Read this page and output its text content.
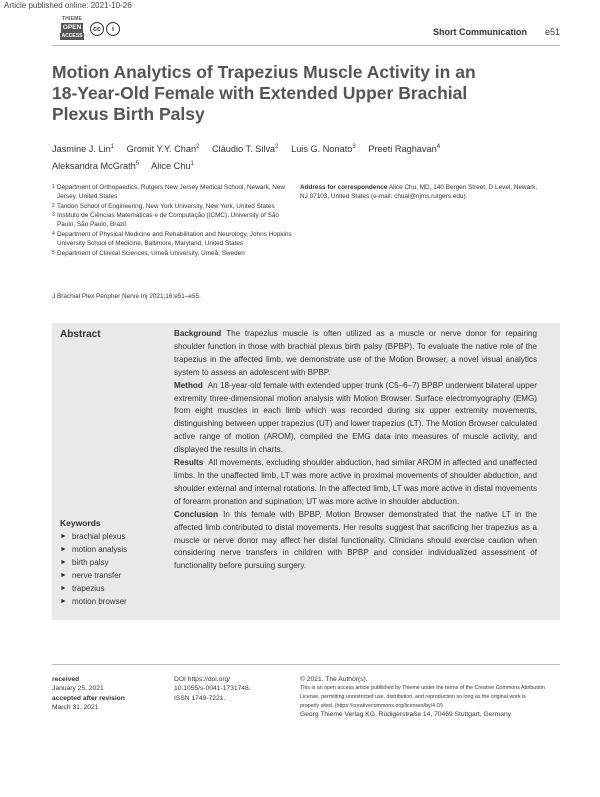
Article published online: 2021-10-26
THIEME
OPEN
ACCESS
cc	i	Short Communication e51
Motion Analytics of Trapezius Muscle Activity in an 18-Year-Old Female with Extended Upper Brachial Plexus Birth Palsy
Jasmine J. Lin$^1$ Gromit Y.Y. Chan$^2$ Cláudio T. Silva$^2$ Luis G. Nonato$^3$ Preeti Raghavan$^4$
Aleksandra McGrath$^5$ Alice Chu$^1$
1 Department of Orthopaedics, Rutgers New Jersey Medical School, Newark, New Jersey, United States
2 Tandon School of Engineering, New York University, New York, United States
3 Instituto de Ciências Matemáticas e de Computação (ICMC), University of São Paulo, São Paulo, Brazil
4 Department of Physical Medicine and Rehabilitation and Neurology, Johns Hopkins University School of Medicine, Baltimore, Maryland, United States
5 Department of Clinical Sciences, Umeå University, Umeå, Sweden
Address for correspondence Alice Chu, MD, 140 Bergen Street, D Level, Newark, NJ 07103, United States (e-mail: chual@njms.rutgers.edu).
J Brachial Plex Peripher Nerve Inj 2021;16:e51–e55.
Abstract	Background The trapezius muscle is often utilized as a muscle or nerve donor for repairing shoulder function in those with brachial plexus birth palsy (BPBP). To evaluate the native role of the trapezius in the affected limb, we demonstrate use of the Motion Browser, a novel visual analytics system to assess an adolescent with BPBP.

Method An 18-year-old female with extended upper trunk (C5–6–7) BPBP underwent bilateral upper extremity three-dimensional motion analysis with Motion Browser. Surface electromyography (EMG) from eight muscles in each limb which was recorded during six upper extremity movements, distinguishing between upper trapezius (UT) and lower trapezius (LT). The Motion Browser calculated active range of motion (AROM), compiled the EMG data into measures of muscle activity, and displayed the results in charts.

Results All movements, excluding shoulder abduction, had similar AROM in affected and unaffected limbs. In the unaffected limb, LT was more active in proximal movements of shoulder abduction, and shoulder external and internal rotations. In the affected limb, LT was more active in distal movements of forearm pronation and supination; UT was more active in shoulder abduction.

Conclusion In this female with BPBP, Motion Browser demonstrated that the native LT in the affected limb contributed to distal movements. Her results suggest that sacrificing her trapezius as a muscle or nerve donor may affect her distal functionality. Clinicians should exercise caution when considering nerve transfers in children with BPBP and consider individualized assessment of functionality before pursuing surgery.

Keywords
► brachial plexus
► motion analysis
► birth palsy
► nerve transfer
► trapezius
► motion browser
received
January 25, 2021
accepted after revision
March 31, 2021
DOI https://doi.org/
10.1055/s-0041-1731748.
ISSN 1749-7221.
© 2021. The Author(s).
This is an open access article published by Thieme under the terms of the Creative Commons Attribution License, permitting unrestricted use, distribution, and reproduction so long as the original work is properly cited. (https://creativecommons.org/licenses/by/4.0/)
Georg Thieme Verlag KG, Rüdigerstraße 14, 70469 Stuttgart, Germany
